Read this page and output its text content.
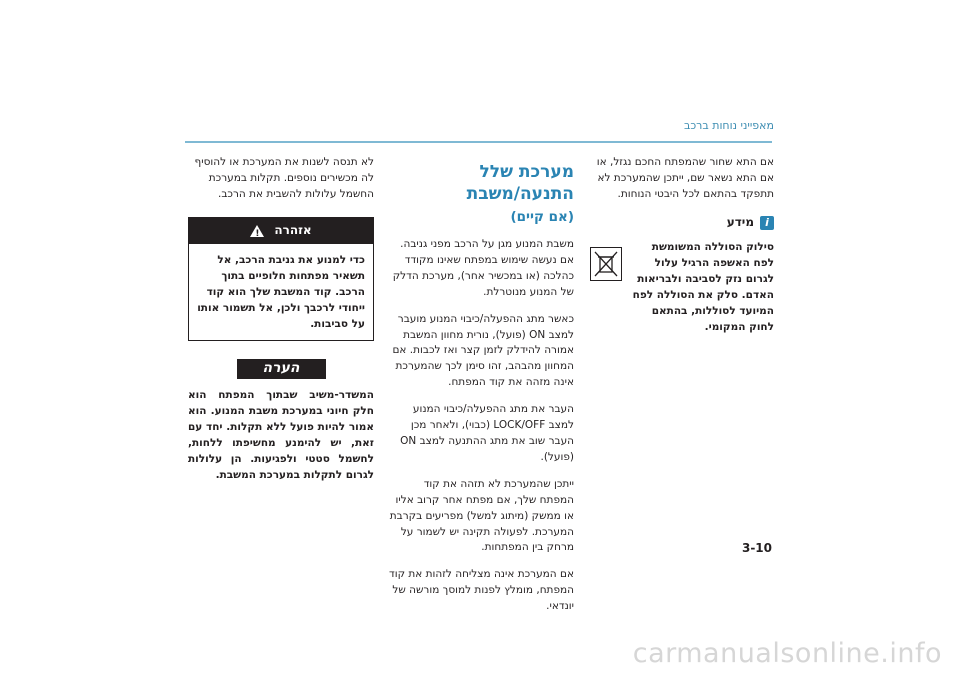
מאפייני נוחות ברכב

אם התא שחור שהמפתח החכם נגזל, או אם התא נשאר שם, ייתכן שהמערכת לא תתפקד בהתאם לכל היבטי הנוחות.

i
מידע
סילוק הסוללה המשומשת לפח האשפה הרגיל עלול לגרום נזק לסביבה ולבריאות האדם. סלק את הסוללה לפח המיועד לסוללות, בהתאם לחוק המקומי.
מערכת שלל התנעה/משבת
(אם קיים)

משבת המנוע מגן על הרכב מפני גניבה. אם נעשה שימוש במפתח שאינו מקודד כהלכה (או במכשיר אחר), מערכת הדלק של המנוע מנוטרלת.

כאשר מתג ההפעלה/כיבוי המנוע מועבר למצב ON (פועל), נורית מחוון המשבת אמורה להידלק לזמן קצר ואז לכבות. אם המחוון מהבהב, זהו סימן לכך שהמערכת אינה מזהה את קוד המפתח.

העבר את מתג ההפעלה/כיבוי המנוע למצב LOCK/OFF (כבוי), ולאחר מכן העבר שוב את מתג ההתנעה למצב ON (פועל).

ייתכן שהמערכת לא תזהה את קוד המפתח שלך, אם מפתח אחר קרוב אליו או ממשק (מיתוג למשל) מפריעים בקרבת המערכת. לפעולה תקינה יש לשמור על מרחק בין המפתחות.

אם המערכת אינה מצליחה לזהות את קוד המפתח, מומלץ לפנות למוסך מורשה של יונדאי.

לא תנסה לשנות את המערכת או להוסיף לה מכשירים נוספים. תקלות במערכת החשמל עלולות להשבית את הרכב.

אזהרה
!
כדי למנוע את גניבת הרכב, אל תשאיר מפתחות חלופיים בתוך הרכב. קוד המשבת שלך הוא קוד ייחודי לרכבך ולכן, אל תשמור אותו על סביבות.
הערה
המשדר-משיב שבתוך המפתח הוא חלק חיוני במערכת משבת המנוע. הוא אמור להיות פועל ללא תקלות. יחד עם זאת, יש להימנע מחשיפתו ללחות, לחשמל סטטי ולפגיעות. הן עלולות לגרום לתקלות במערכת המשבת.
3-10
carmanualsonline.info
